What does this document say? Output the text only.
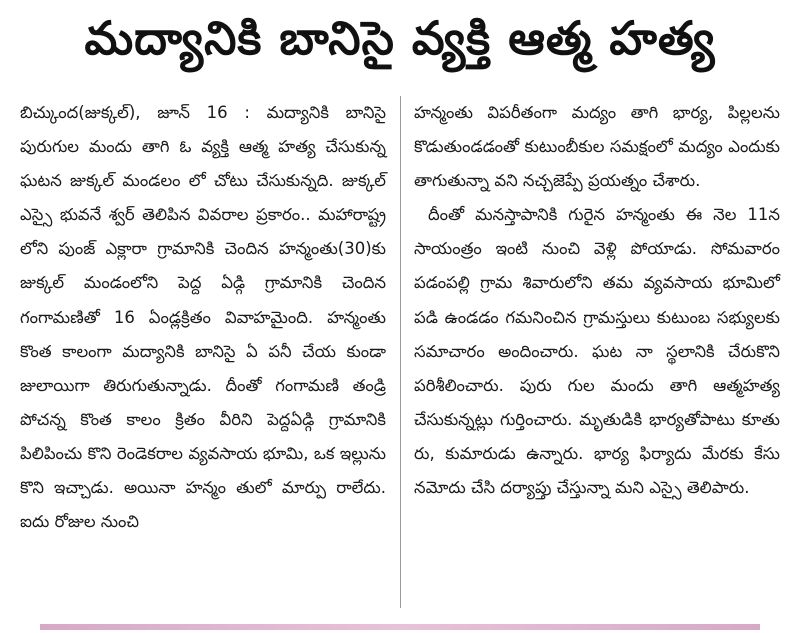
మద్యానికి బానిసై వ్యక్తి ఆత్మ హత్య

బిచ్కుంద(జుక్కల్), జూన్ 16 : మద్యానికి బానిసై పురుగుల మందు తాగి ఓ వ్యక్తి ఆత్మ హత్య చేసుకున్న ఘటన జుక్కల్ మండలం లో చోటు చేసుకున్నది. జుక్కల్ ఎస్సై భువనే శ్వర్ తెలిపిన వివరాల ప్రకారం.. మహారాష్ట్ర లోని పుంజ్ ఎక్లారా గ్రామానికి చెందిన హన్మంతు(30)కు జుక్కల్ మండంలోని పెద్ద ఏడ్గి గ్రామానికి చెందిన గంగామణితో 16 ఏండ్లక్రితం వివాహమైంది. హన్మంతు కొంత కాలంగా మద్యానికి బానిసై ఏ పనీ చేయ కుండా జులాయిగా తిరుగుతున్నాడు. దీంతో గంగామణి తండ్రి పోచన్న కొంత కాలం క్రితం వీరిని పెద్దఏడ్గి గ్రామానికి పిలిపించు కొని రెండెకరాల వ్యవసాయ భూమి, ఒక ఇల్లును కొని ఇచ్చాడు. అయినా హన్మం తులో మార్పు రాలేదు. ఐదు రోజుల నుంచి

హన్మంతు విపరీతంగా మద్యం తాగి భార్య, పిల్లలను కొడుతుండడంతో కుటుంబీకుల సమక్షంలో మద్యం ఎందుకు తాగుతున్నా వని నచ్చజెప్పే ప్రయత్నం చేశారు.

దీంతో మనస్తాపానికి గురైన హన్మంతు ఈ నెల 11న సాయంత్రం ఇంటి నుంచి వెళ్లి పోయాడు. సోమవారం పడంపల్లి గ్రామ శివారులోని తమ వ్యవసాయ భూమిలో పడి ఉండడం గమనించిన గ్రామస్తులు కుటుంబ సభ్యులకు సమాచారం అందించారు. ఘట నా స్థలానికి చేరుకొని పరిశీలించారు. పురు గుల మందు తాగి ఆత్మహత్య చేసుకున్నట్లు గుర్తించారు. మృతుడికి భార్యతోపాటు కూతు రు, కుమారుడు ఉన్నారు. భార్య ఫిర్యాదు మేరకు కేసు నమోదు చేసి దర్యాప్తు చేస్తున్నా మని ఎస్సై తెలిపారు.
